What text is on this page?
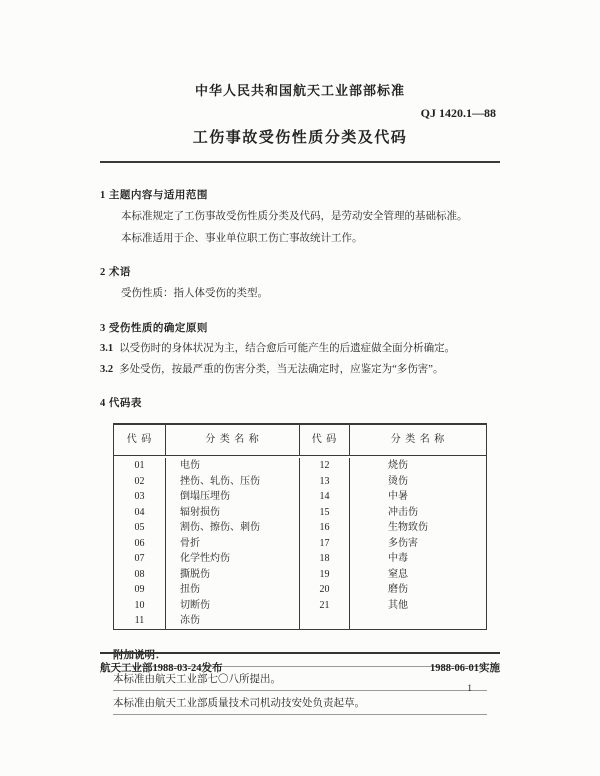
中华人民共和国航天工业部部标准
QJ 1420.1—88
工伤事故受伤性质分类及代码
1 主题内容与适用范围
本标准规定了工伤事故受伤性质分类及代码，是劳动安全管理的基础标准。
本标准适用于企、事业单位职工伤亡事故统计工作。
2 术语
受伤性质：指人体受伤的类型。
3 受伤性质的确定原则
3.1 以受伤时的身体状况为主，结合愈后可能产生的后遗症做全面分析确定。
3.2 多处受伤，按最严重的伤害分类，当无法确定时，应鉴定为“多伤害”。
4 代码表
代 码	分 类 名 称	代 码	分 类 名 称
01	电伤	12	烧伤
02	挫伤、轧伤、压伤	13	烫伤
03	倒塌压埋伤	14	中暑
04	辐射损伤	15	冲击伤
05	割伤、擦伤、刺伤	16	生物致伤
06	骨折	17	多伤害
07	化学性灼伤	18	中毒
08	撕脱伤	19	窒息
09	扭伤	20	磨伤
10	切断伤	21	其他
11	冻伤
附加说明：
本标准由航天工业部七〇八所提出。
本标准由航天工业部质量技术司机动技安处负责起草。
航天工业部1988-03-24发布	1988-06-01实施
1
